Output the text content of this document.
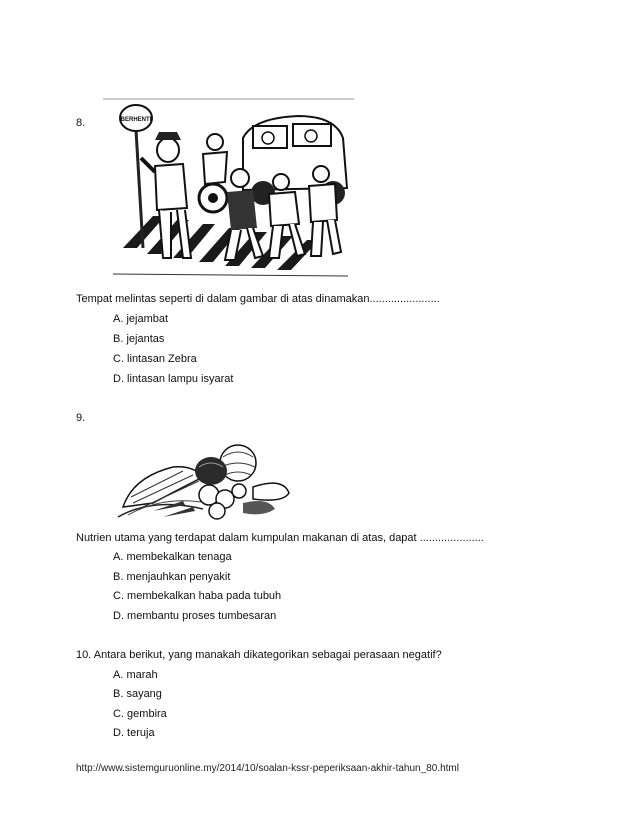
8.	BERHENTI
Tempat melintas seperti di dalam gambar di atas dinamakan.......................
A. jejambat
B. jejantas
C. lintasan Zebra
D. lintasan lampu isyarat
9.
Nutrien utama yang terdapat dalam kumpulan makanan di atas, dapat .....................
A. membekalkan tenaga
B. menjauhkan penyakit
C. membekalkan haba pada tubuh
D. membantu proses tumbesaran
10. Antara berikut, yang manakah dikategorikan sebagai perasaan negatif?
A. marah
B. sayang
C. gembira
D. teruja
http://www.sistemguruonline.my/2014/10/soalan-kssr-peperiksaan-akhir-tahun_80.html
